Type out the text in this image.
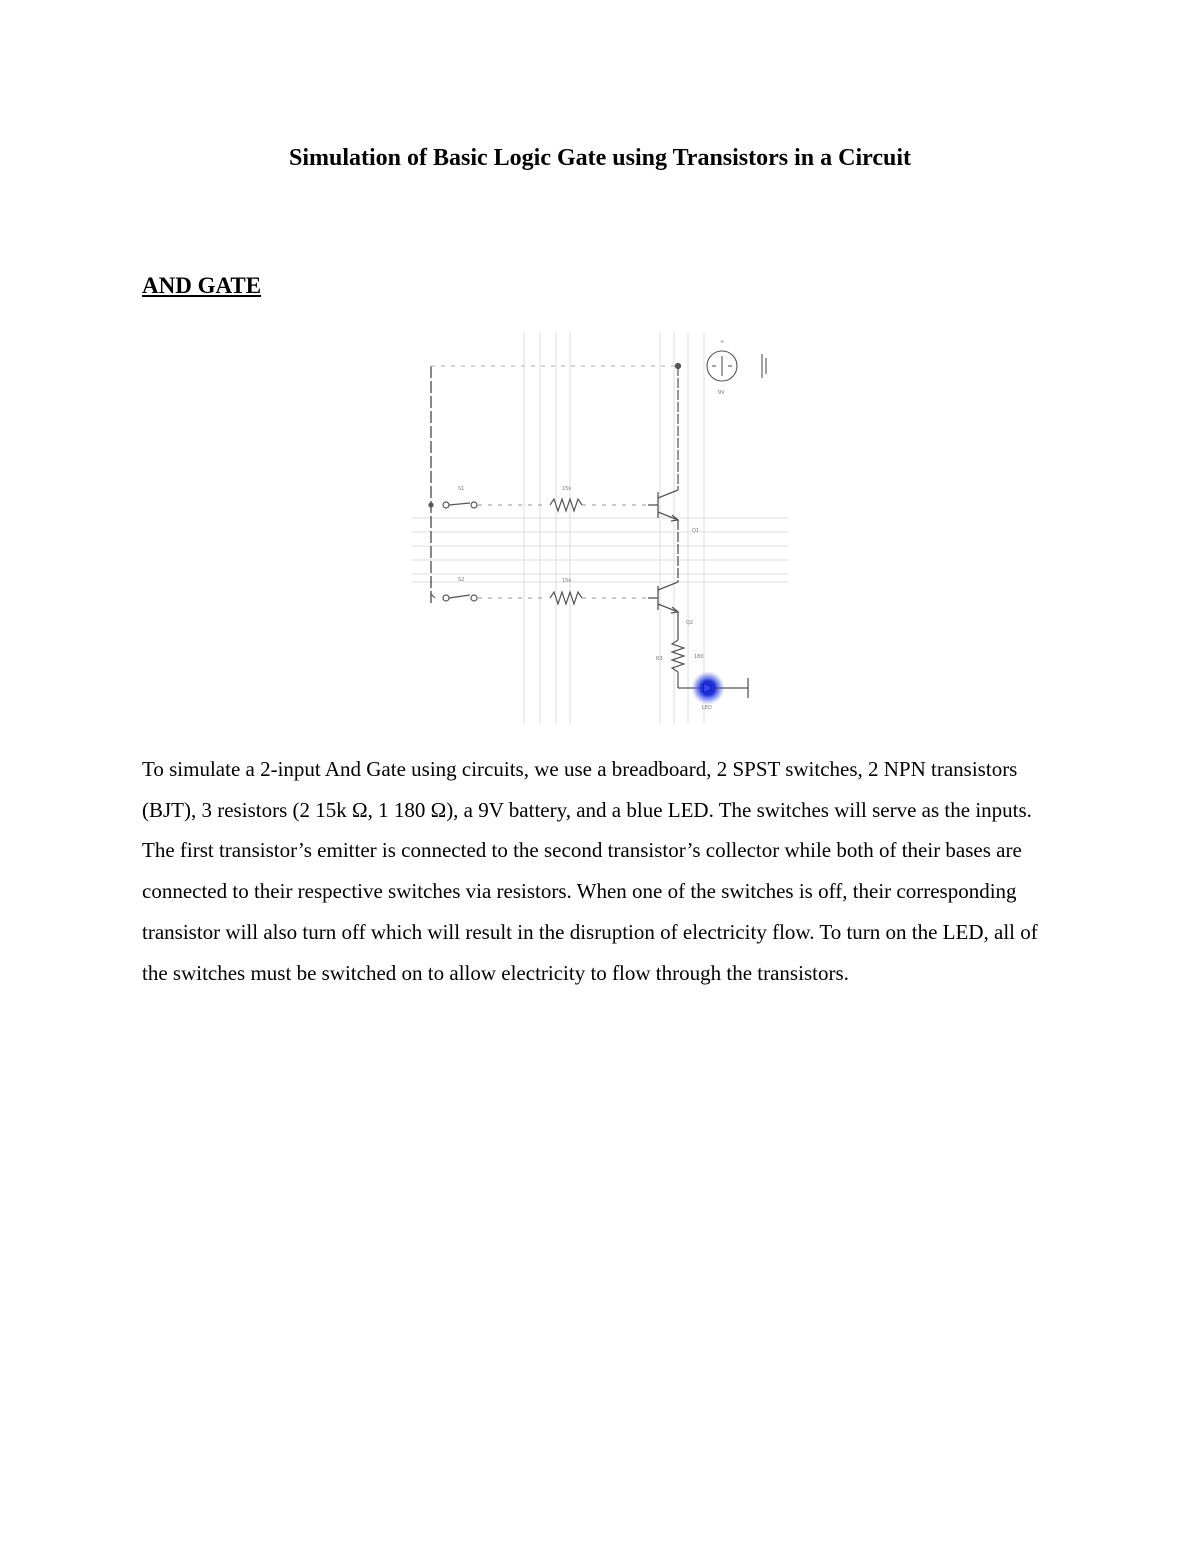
Simulation of Basic Logic Gate using Transistors in a Circuit
AND GATE
S1	15k
S2	15k
Q1
Q2
180
R3
LED
+
9V

To simulate a 2-input And Gate using circuits, we use a breadboard, 2 SPST switches, 2 NPN transistors (BJT), 3 resistors (2 15k Ω, 1 180 Ω), a 9V battery, and a blue LED. The switches will serve as the inputs. The first transistor’s emitter is connected to the second transistor’s collector while both of their bases are connected to their respective switches via resistors. When one of the switches is off, their corresponding transistor will also turn off which will result in the disruption of electricity flow. To turn on the LED, all of the switches must be switched on to allow electricity to flow through the transistors.
